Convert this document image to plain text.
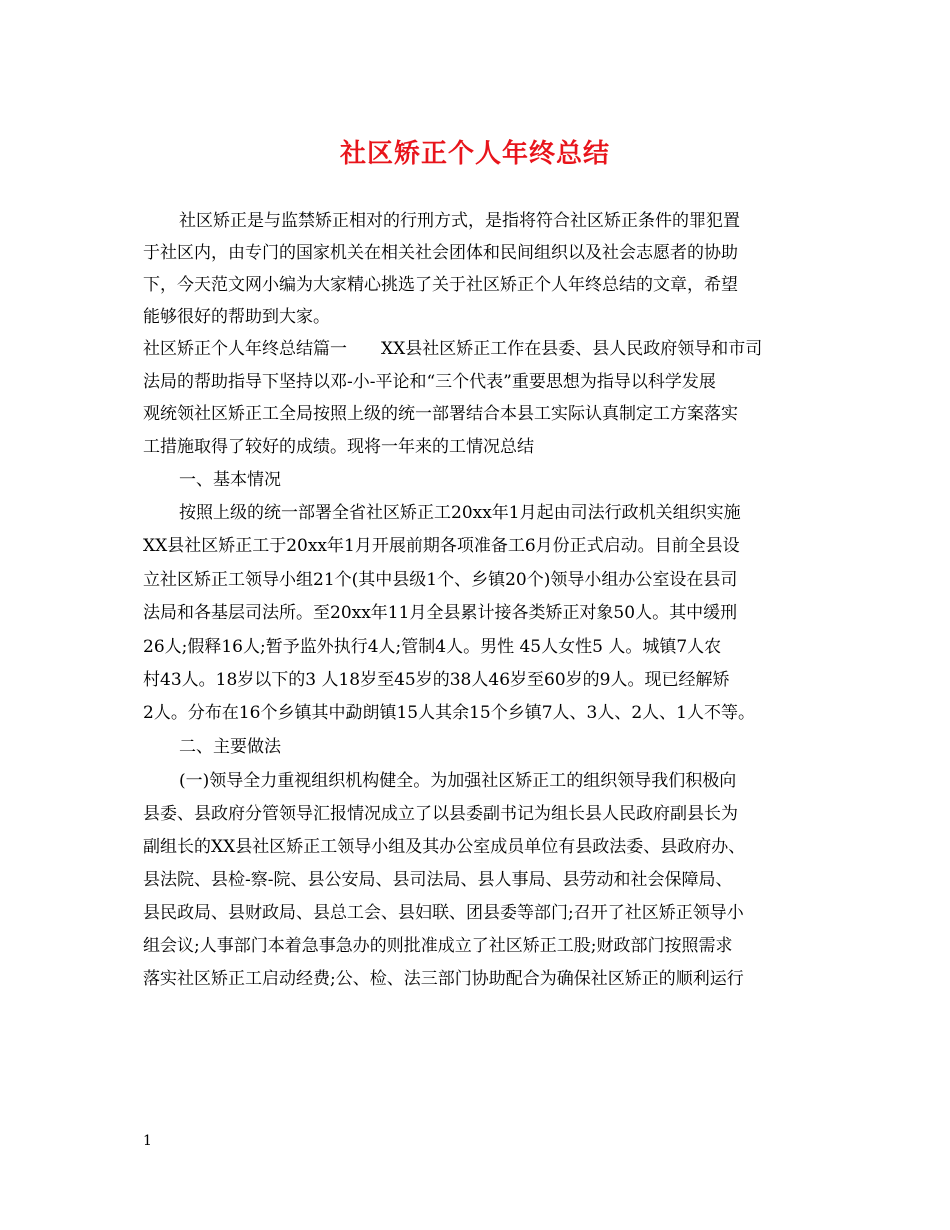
社区矫正个人年终总结
社区矫正是与监禁矫正相对的行刑方式，是指将符合社区矫正条件的罪犯置
于社区内，由专门的国家机关在相关社会团体和民间组织以及社会志愿者的协助
下，今天范文网小编为大家精心挑选了关于社区矫正个人年终总结的文章，希望
能够很好的帮助到大家。
社区矫正个人年终总结篇一　　XX县社区矫正工作在县委、县人民政府领导和市司
法局的帮助指导下坚持以邓-小-平论和“三个代表”重要思想为指导以科学发展
观统领社区矫正工全局按照上级的统一部署结合本县工实际认真制定工方案落实
工措施取得了较好的成绩。现将一年来的工情况总结
一、基本情况
按照上级的统一部署全省社区矫正工20xx年1月起由司法行政机关组织实施
XX县社区矫正工于20xx年1月开展前期各项准备工6月份正式启动。目前全县设
立社区矫正工领导小组21个(其中县级1个、乡镇20个)领导小组办公室设在县司
法局和各基层司法所。至20xx年11月全县累计接各类矫正对象50人。其中缓刑
26人;假释16人;暂予监外执行4人;管制4人。男性 45人女性5 人。城镇7人农
村43人。18岁以下的3 人18岁至45岁的38人46岁至60岁的9人。现已经解矫
2人。分布在16个乡镇其中勐朗镇15人其余15个乡镇7人、3人、2人、1人不等。
二、主要做法
(一)领导全力重视组织机构健全。为加强社区矫正工的组织领导我们积极向
县委、县政府分管领导汇报情况成立了以县委副书记为组长县人民政府副县长为
副组长的XX县社区矫正工领导小组及其办公室成员单位有县政法委、县政府办、
县法院、县检-察-院、县公安局、县司法局、县人事局、县劳动和社会保障局、
县民政局、县财政局、县总工会、县妇联、团县委等部门;召开了社区矫正领导小
组会议;人事部门本着急事急办的则批准成立了社区矫正工股;财政部门按照需求
落实社区矫正工启动经费;公、检、法三部门协助配合为确保社区矫正的顺利运行
1
